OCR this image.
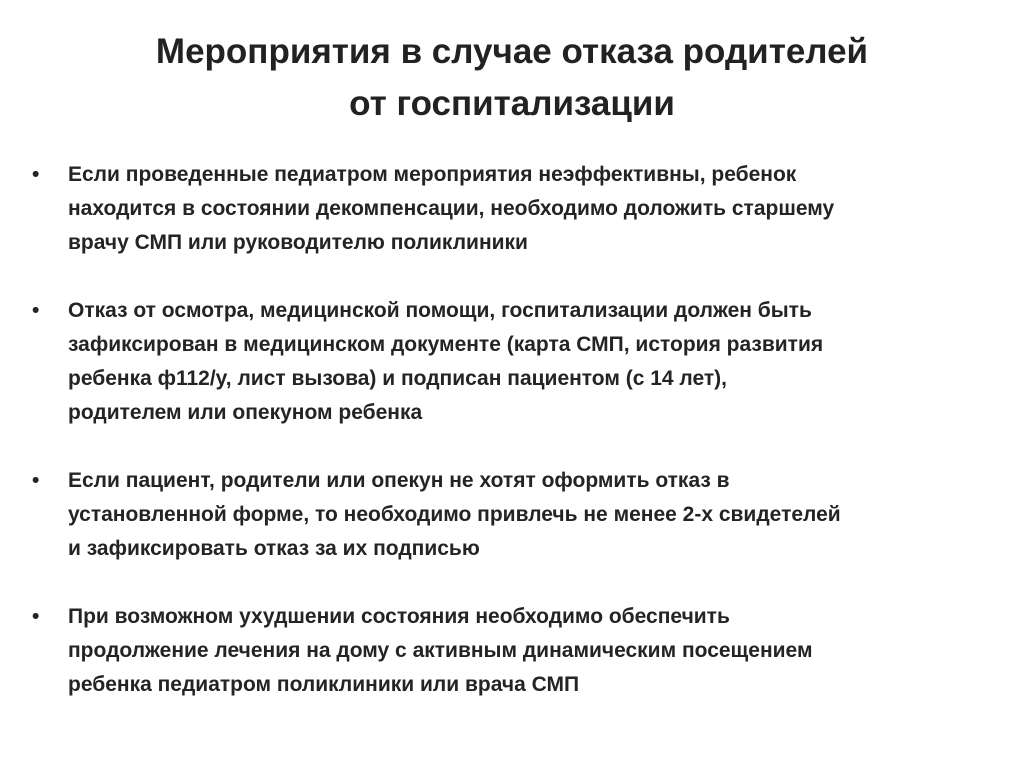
Мероприятия в случае отказа родителей
от госпитализации
• Если проведенные педиатром мероприятия неэффективны, ребенок
находится в состоянии декомпенсации, необходимо доложить старшему
врачу СМП или руководителю поликлиники
• Отказ от осмотра, медицинской помощи, госпитализации должен быть
зафиксирован в медицинском документе (карта СМП, история развития
ребенка ф112/у, лист вызова) и подписан пациентом (с 14 лет),
родителем или опекуном ребенка
• Если пациент, родители или опекун не хотят оформить отказ в
установленной форме, то необходимо привлечь не менее 2-х свидетелей
и зафиксировать отказ за их подписью
• При возможном ухудшении состояния необходимо обеспечить
продолжение лечения на дому с активным динамическим посещением
ребенка педиатром поликлиники или врача СМП
